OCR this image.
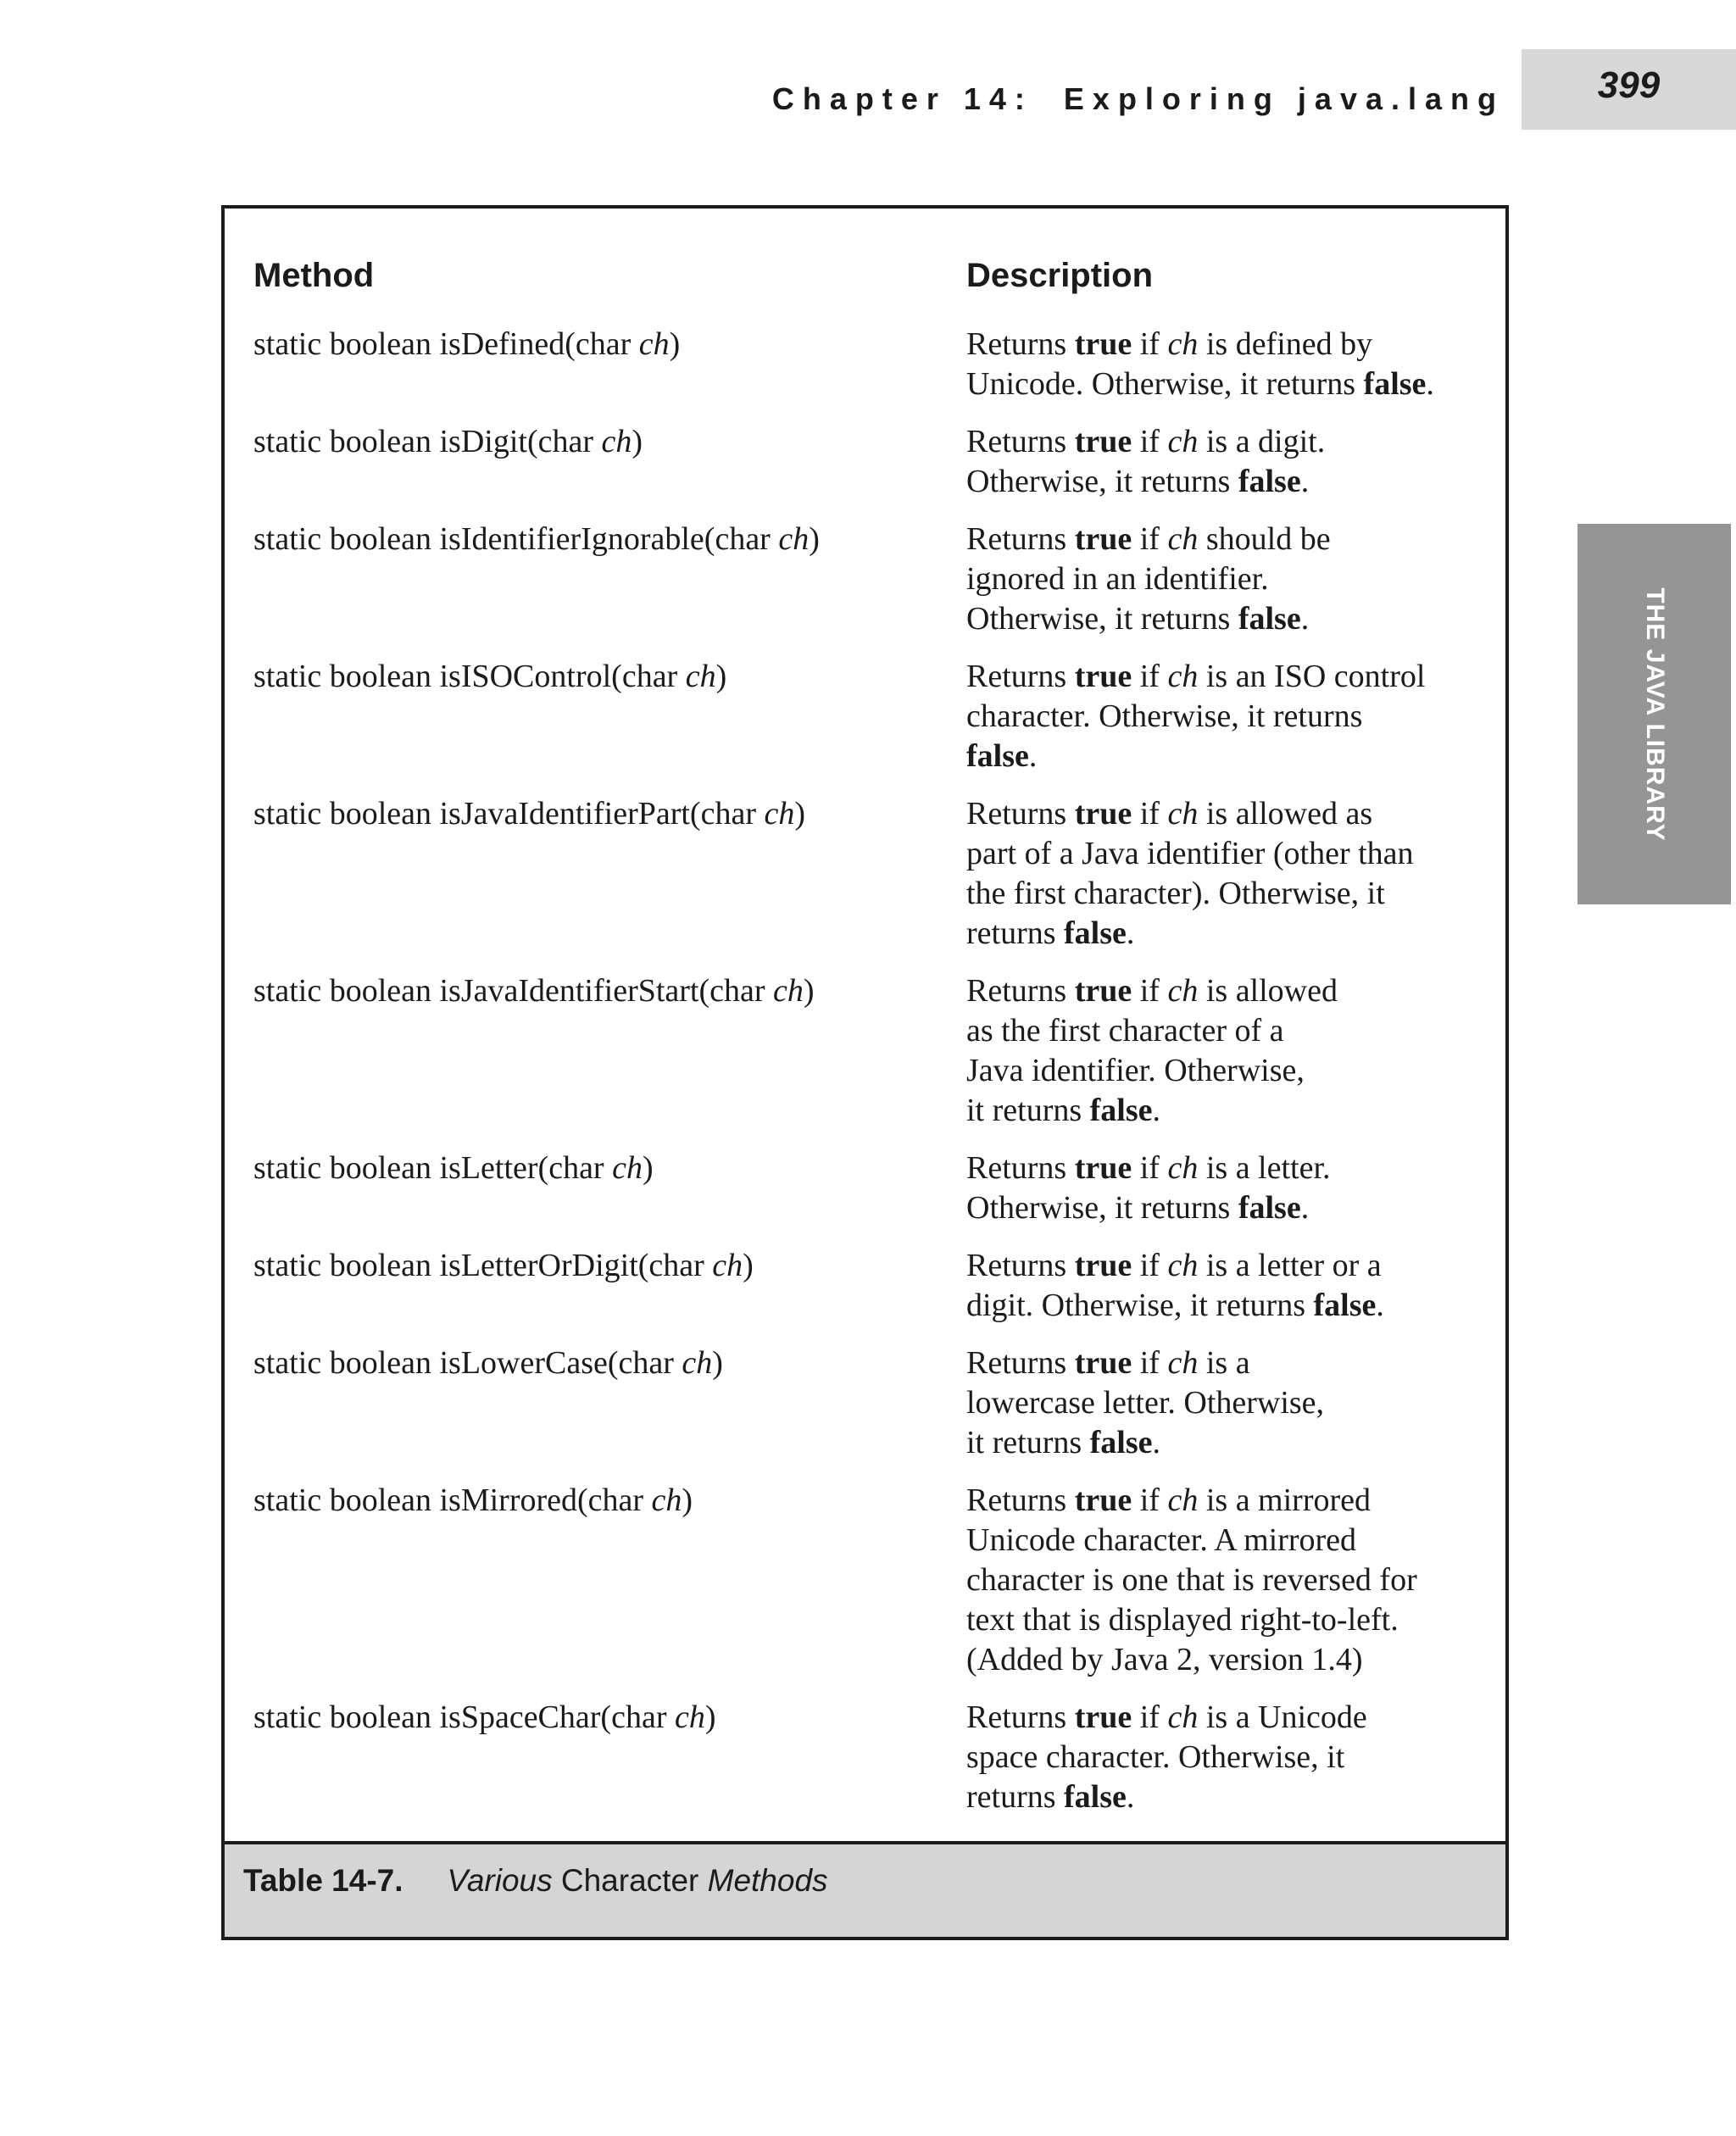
Chapter 14: Exploring java.lang	399
THE JAVA LIBRARY
Method	Description
static boolean isDefined(char ch)	Returns true if ch is defined by
Unicode. Otherwise, it returns false.
static boolean isDigit(char ch)	Returns true if ch is a digit.
Otherwise, it returns false.
static boolean isIdentifierIgnorable(char ch)	Returns true if ch should be
ignored in an identifier.
Otherwise, it returns false.
static boolean isISOControl(char ch)	Returns true if ch is an ISO control
character. Otherwise, it returns
false.
static boolean isJavaIdentifierPart(char ch)	Returns true if ch is allowed as
part of a Java identifier (other than
the first character). Otherwise, it
returns false.
static boolean isJavaIdentifierStart(char ch)	Returns true if ch is allowed
as the first character of a
Java identifier. Otherwise,
it returns false.
static boolean isLetter(char ch)	Returns true if ch is a letter.
Otherwise, it returns false.
static boolean isLetterOrDigit(char ch)	Returns true if ch is a letter or a
digit. Otherwise, it returns false.
static boolean isLowerCase(char ch)	Returns true if ch is a
lowercase letter. Otherwise,
it returns false.
static boolean isMirrored(char ch)	Returns true if ch is a mirrored
Unicode character. A mirrored
character is one that is reversed for
text that is displayed right-to-left.
(Added by Java 2, version 1.4)
static boolean isSpaceChar(char ch)	Returns true if ch is a Unicode
space character. Otherwise, it
returns false.
Table 14-7. Various Character Methods
